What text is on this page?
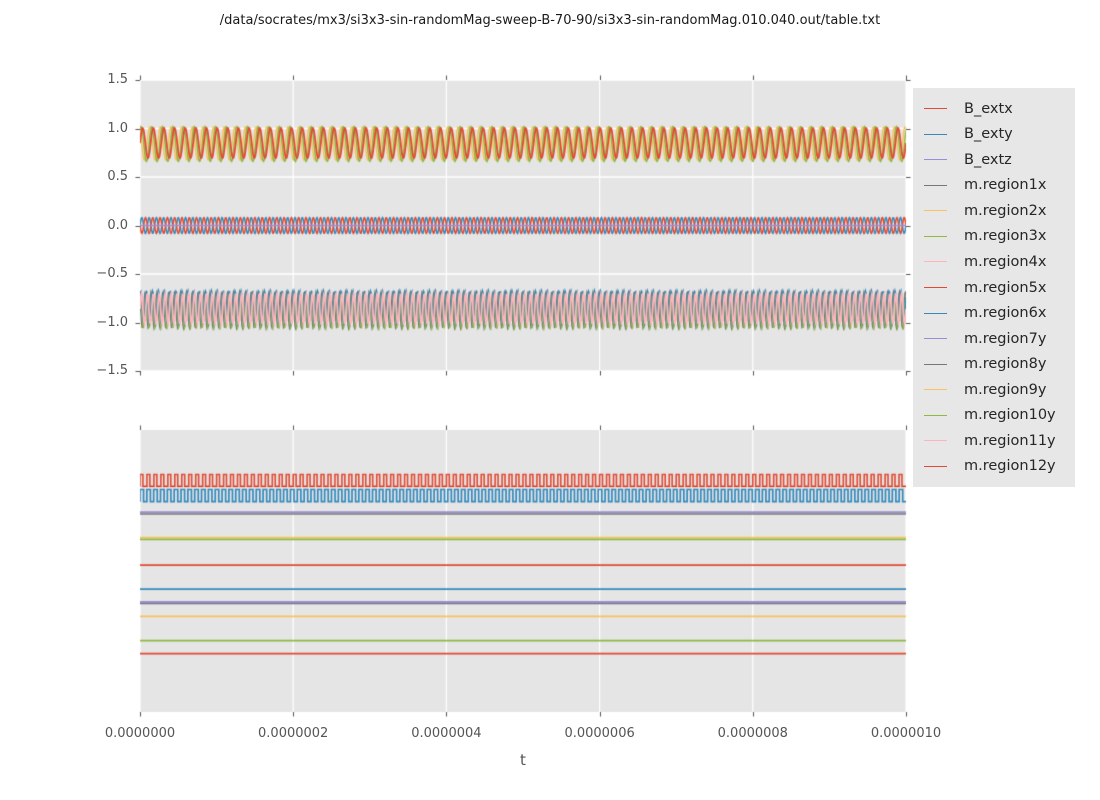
/data/socrates/mx3/si3x3-sin-randomMag-sweep-B-70-90/si3x3-sin-randomMag.010.040.out/table.txt
1.5
1.0
0.5
0.0
−0.5
−1.0
−1.5
0.0000000	0.0000002	0.0000004	0.0000006	0.0000008	0.0000010
t
B_extx
B_exty
B_extz
m.region1x
m.region2x
m.region3x
m.region4x
m.region5x
m.region6x
m.region7y
m.region8y
m.region9y
m.region10y
m.region11y
m.region12y
